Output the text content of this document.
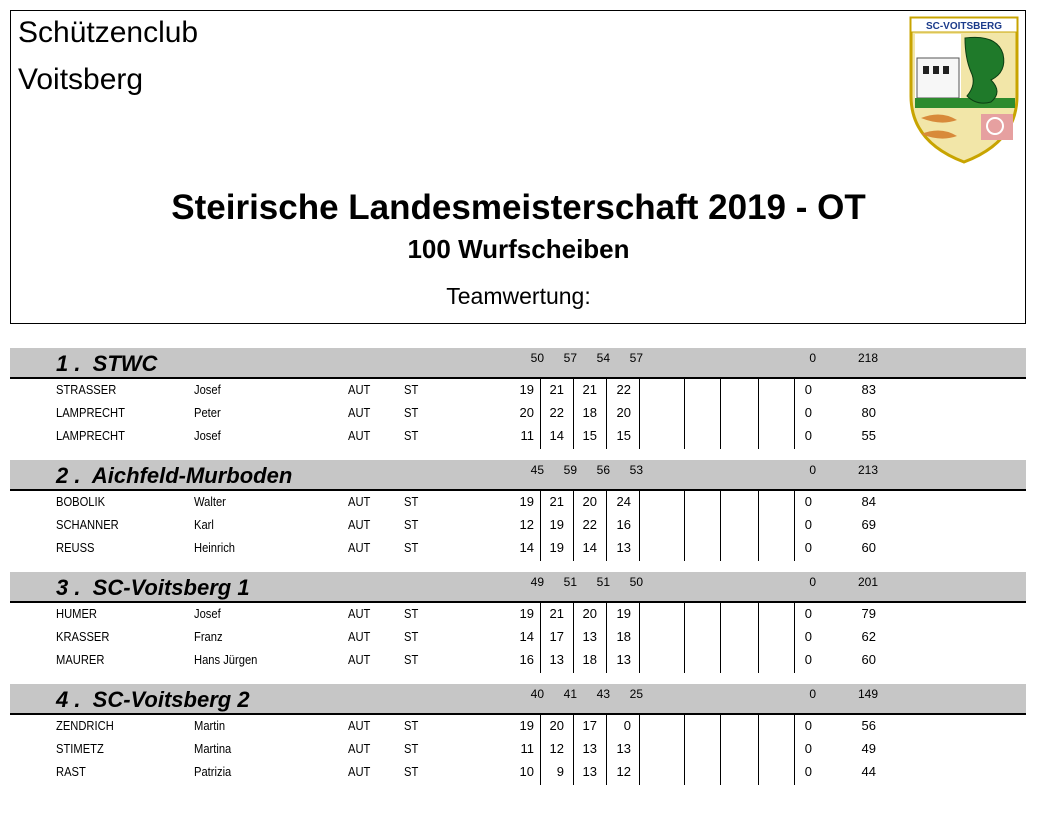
Schützenclub
Voitsberg
SC-VOITSBERG
Steirische Landesmeisterschaft 2019 - OT
100 Wurfscheiben
Teamwertung:
1 .  STWC	50	57	54	57	0	218
STRASSER	Josef	AUT	ST	19	21	21	22	0	83
LAMPRECHT	Peter	AUT	ST	20	22	18	20	0	80
LAMPRECHT	Josef	AUT	ST	11	14	15	15	0	55
2 .  Aichfeld-Murboden	45	59	56	53	0	213
BOBOLIK	Walter	AUT	ST	19	21	20	24	0	84
SCHANNER	Karl	AUT	ST	12	19	22	16	0	69
REUSS	Heinrich	AUT	ST	14	19	14	13	0	60
3 .  SC-Voitsberg 1	49	51	51	50	0	201
HUMER	Josef	AUT	ST	19	21	20	19	0	79
KRASSER	Franz	AUT	ST	14	17	13	18	0	62
MAURER	Hans Jürgen	AUT	ST	16	13	18	13	0	60
4 .  SC-Voitsberg 2	40	41	43	25	0	149
ZENDRICH	Martin	AUT	ST	19	20	17	0	0	56
STIMETZ	Martina	AUT	ST	11	12	13	13	0	49
RAST	Patrizia	AUT	ST	10	9	13	12	0	44
